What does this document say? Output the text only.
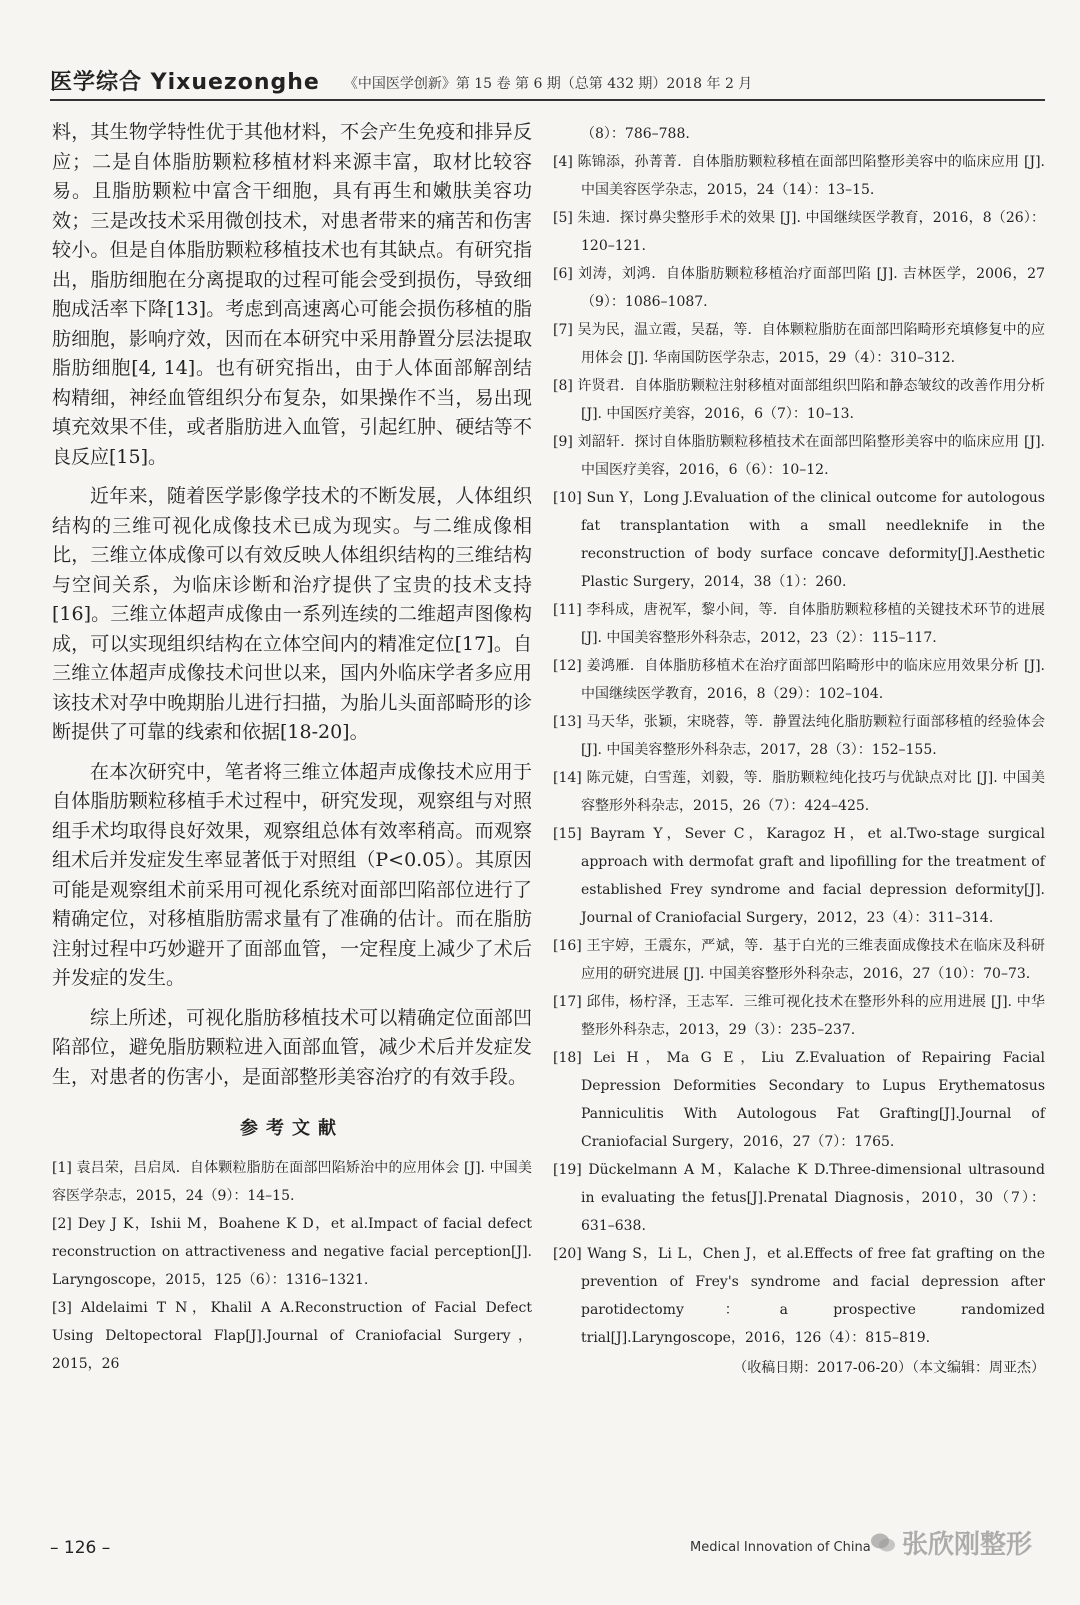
医学综合 Yixuezonghe 《中国医学创新》第 15 卷 第 6 期（总第 432 期）2018 年 2 月

料，其生物学特性优于其他材料，不会产生免疫和排异反应；二是自体脂肪颗粒移植材料来源丰富，取材比较容易。且脂肪颗粒中富含干细胞，具有再生和嫩肤美容功效；三是改技术采用微创技术，对患者带来的痛苦和伤害较小。但是自体脂肪颗粒移植技术也有其缺点。有研究指出，脂肪细胞在分离提取的过程可能会受到损伤，导致细胞成活率下降[13]。考虑到高速离心可能会损伤移植的脂肪细胞，影响疗效，因而在本研究中采用静置分层法提取脂肪细胞[4, 14]。也有研究指出，由于人体面部解剖结构精细，神经血管组织分布复杂，如果操作不当，易出现填充效果不佳，或者脂肪进入血管，引起红肿、硬结等不良反应[15]。

近年来，随着医学影像学技术的不断发展，人体组织结构的三维可视化成像技术已成为现实。与二维成像相比，三维立体成像可以有效反映人体组织结构的三维结构与空间关系，为临床诊断和治疗提供了宝贵的技术支持[16]。三维立体超声成像由一系列连续的二维超声图像构成，可以实现组织结构在立体空间内的精准定位[17]。自三维立体超声成像技术问世以来，国内外临床学者多应用该技术对孕中晚期胎儿进行扫描，为胎儿头面部畸形的诊断提供了可靠的线索和依据[18-20]。

在本次研究中，笔者将三维立体超声成像技术应用于自体脂肪颗粒移植手术过程中，研究发现，观察组与对照组手术均取得良好效果，观察组总体有效率稍高。而观察组术后并发症发生率显著低于对照组（P<0.05）。其原因可能是观察组术前采用可视化系统对面部凹陷部位进行了精确定位，对移植脂肪需求量有了准确的估计。而在脂肪注射过程中巧妙避开了面部血管，一定程度上减少了术后并发症的发生。

综上所述，可视化脂肪移植技术可以精确定位面部凹陷部位，避免脂肪颗粒进入面部血管，减少术后并发症发生，对患者的伤害小，是面部整形美容治疗的有效手段。

参考文献

[1] 袁吕荣，吕启凤．自体颗粒脂肪在面部凹陷矫治中的应用体会 [J]. 中国美容医学杂志，2015，24（9）：14–15.

[2] Dey J K，Ishii M，Boahene K D，et al.Impact of facial defect reconstruction on attractiveness and negative facial perception[J]. Laryngoscope，2015，125（6）：1316–1321.

[3] Aldelaimi T N，Khalil A A.Reconstruction of Facial Defect Using Deltopectoral Flap[J].Journal of Craniofacial Surgery，2015，26

（8）：786–788.

[4] 陈锦添，孙菁菁．自体脂肪颗粒移植在面部凹陷整形美容中的临床应用 [J]. 中国美容医学杂志，2015，24（14）：13–15.

[5] 朱迪．探讨鼻尖整形手术的效果 [J]. 中国继续医学教育，2016，8（26）：120–121.

[6] 刘涛，刘鸿．自体脂肪颗粒移植治疗面部凹陷 [J]. 吉林医学，2006，27（9）：1086–1087.

[7] 吴为民，温立霞，吴磊，等．自体颗粒脂肪在面部凹陷畸形充填修复中的应用体会 [J]. 华南国防医学杂志，2015，29（4）：310–312.

[8] 许贤君．自体脂肪颗粒注射移植对面部组织凹陷和静态皱纹的改善作用分析 [J]. 中国医疗美容，2016，6（7）：10–13.

[9] 刘韶轩．探讨自体脂肪颗粒移植技术在面部凹陷整形美容中的临床应用 [J]. 中国医疗美容，2016，6（6）：10–12.

[10] Sun Y，Long J.Evaluation of the clinical outcome for autologous fat transplantation with a small needleknife in the reconstruction of body surface concave deformity[J].Aesthetic Plastic Surgery，2014，38（1）：260.

[11] 李科成，唐祝军，黎小间，等．自体脂肪颗粒移植的关键技术环节的进展 [J]. 中国美容整形外科杂志，2012，23（2）：115–117.

[12] 姜鸿雁．自体脂肪移植术在治疗面部凹陷畸形中的临床应用效果分析 [J]. 中国继续医学教育，2016，8（29）：102–104.

[13] 马天华，张颖，宋晓蓉，等．静置法纯化脂肪颗粒行面部移植的经验体会 [J]. 中国美容整形外科杂志，2017，28（3）：152–155.

[14] 陈元婕，白雪莲，刘毅，等．脂肪颗粒纯化技巧与优缺点对比 [J]. 中国美容整形外科杂志，2015，26（7）：424–425.

[15] Bayram Y，Sever C，Karagoz H，et al.Two-stage surgical approach with dermofat graft and lipofilling for the treatment of established Frey syndrome and facial depression deformity[J]. Journal of Craniofacial Surgery，2012，23（4）：311–314.

[16] 王宇婷，王震东，严斌，等．基于白光的三维表面成像技术在临床及科研应用的研究进展 [J]. 中国美容整形外科杂志，2016，27（10）：70–73.

[17] 邱伟，杨柠泽，王志军．三维可视化技术在整形外科的应用进展 [J]. 中华整形外科杂志，2013，29（3）：235–237.

[18] Lei H，Ma G E，Liu Z.Evaluation of Repairing Facial Depression Deformities Secondary to Lupus Erythematosus Panniculitis With Autologous Fat Grafting[J].Journal of Craniofacial Surgery，2016，27（7）：1765.

[19] Dückelmann A M，Kalache K D.Three-dimensional ultrasound in evaluating the fetus[J].Prenatal Diagnosis，2010，30（7）：631–638.

[20] Wang S，Li L，Chen J，et al.Effects of free fat grafting on the prevention of Frey's syndrome and facial depression after parotidectomy：a prospective randomized trial[J].Laryngoscope，2016，126（4）：815–819.

（收稿日期：2017-06-20）（本文编辑：周亚杰）
– 126 –	Medical Innovation of China 张欣刚整形
